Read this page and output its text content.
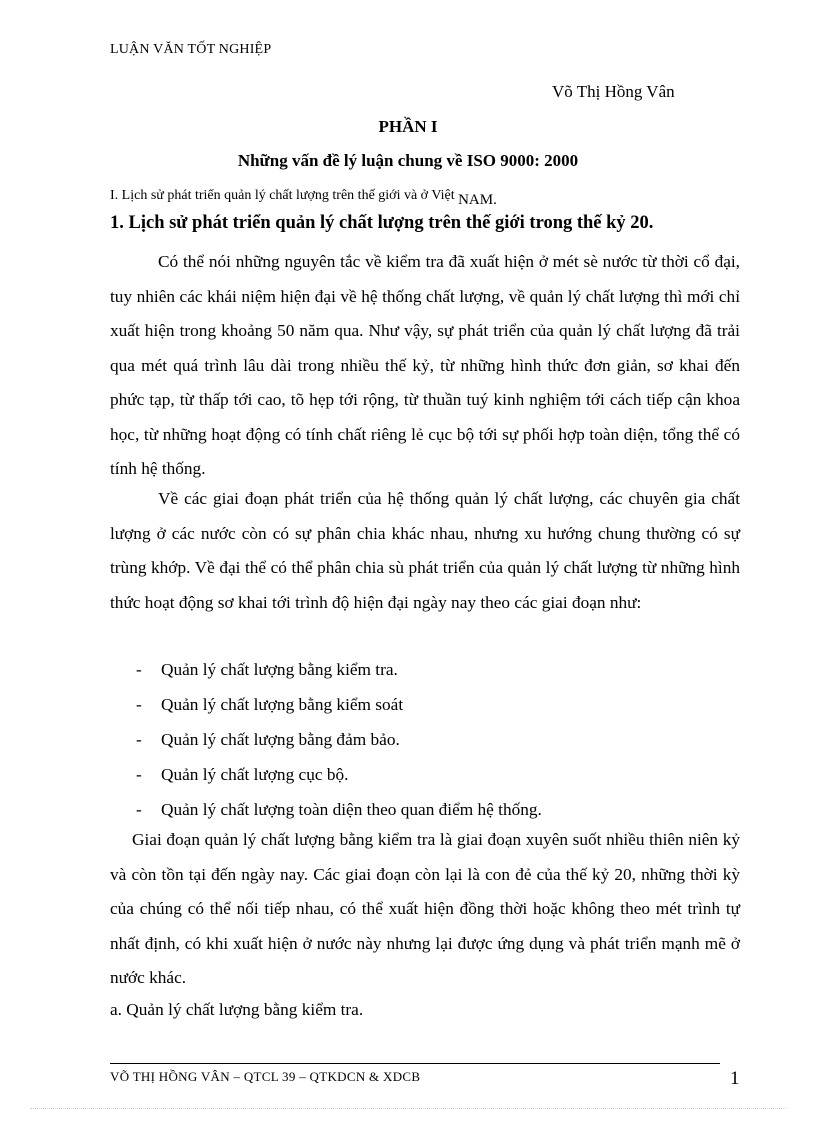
LUẬN VĂN TỐT NGHIỆP
Võ Thị Hồng Vân
PHẦN I
Những vấn đề lý luận chung về ISO 9000: 2000
I. Lịch sử phát triển quản lý chất lượng trên thế giới và ở Việt NAM.
1. Lịch sử phát triển quản lý chất lượng trên thế giới trong thế kỷ 20.

Có thể nói những nguyên tắc về kiểm tra đã xuất hiện ở mét sè nước từ thời cổ đại, tuy nhiên các khái niệm hiện đại về hệ thống chất lượng, về quản lý chất lượng thì mới chỉ xuất hiện trong khoảng 50 năm qua. Như vậy, sự phát triển của quản lý chất lượng đã trải qua mét quá trình lâu dài trong nhiều thế kỷ, từ những hình thức đơn giản, sơ khai đến phức tạp, từ thấp tới cao, tõ hẹp tới rộng, từ thuần tuý kinh nghiệm tới cách tiếp cận khoa học, từ những hoạt động có tính chất riêng lẻ cục bộ tới sự phối hợp toàn diện, tổng thể có tính hệ thống.

Về các giai đoạn phát triển của hệ thống quản lý chất lượng, các chuyên gia chất lượng ở các nước còn có sự phân chia khác nhau, nhưng xu hướng chung thường có sự trùng khớp. Về đại thể có thể phân chia sù phát triển của quản lý chất lượng từ những hình thức hoạt động sơ khai tới trình độ hiện đại ngày nay theo các giai đoạn như:

- Quản lý chất lượng bằng kiểm tra.
- Quản lý chất lượng bằng kiểm soát
- Quản lý chất lượng bằng đảm bảo.
- Quản lý chất lượng cục bộ.
- Quản lý chất lượng toàn diện theo quan điểm hệ thống.

Giai đoạn quản lý chất lượng bằng kiểm tra là giai đoạn xuyên suốt nhiều thiên niên kỷ và còn tồn tại đến ngày nay. Các giai đoạn còn lại là con đẻ của thế kỷ 20, những thời kỳ của chúng có thể nối tiếp nhau, có thể xuất hiện đồng thời hoặc không theo mét trình tự nhất định, có khi xuất hiện ở nước này nhưng lại được ứng dụng và phát triển mạnh mẽ ở nước khác.

a. Quản lý chất lượng bằng kiểm tra.
VÕ THỊ HỒNG VÂN – QTCL 39 – QTKDCN & XDCB	1
